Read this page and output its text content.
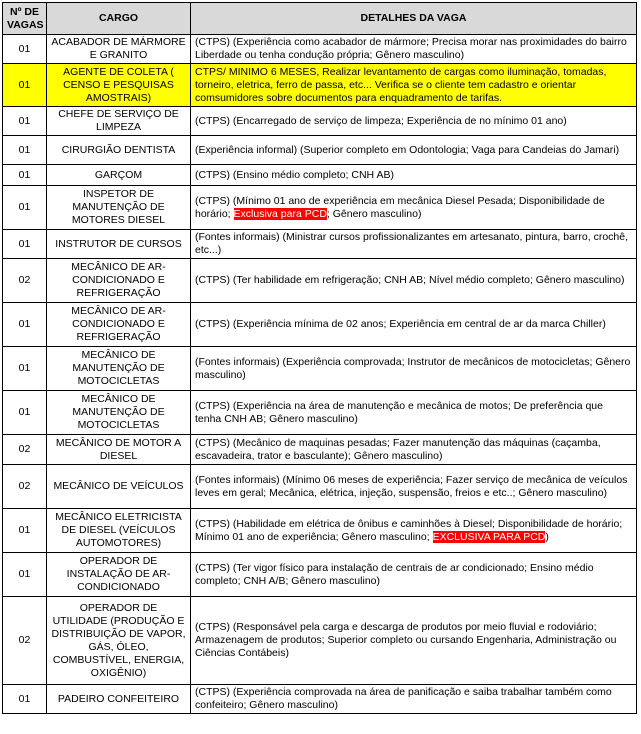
Nº DE VAGAS	CARGO	DETALHES DA VAGA
01	ACABADOR DE MÁRMORE E GRANITO	(CTPS) (Experiência como acabador de mármore; Precisa morar nas proximidades do bairro Liberdade ou tenha condução própria; Gênero masculino)
01	AGENTE DE COLETA ( CENSO E PESQUISAS AMOSTRAIS)	CTPS/ MINIMO 6 MESES, Realizar levantamento de cargas como iluminação, tomadas, torneiro, eletrica, ferro de passa, etc... Verifica se o cliente tem cadastro e orientar comsumidores sobre documentos para enquadramento de tarifas.
01	CHEFE DE SERVIÇO DE LIMPEZA	(CTPS) (Encarregado de serviço de limpeza; Experiência de no mínimo 01 ano)
01	CIRURGIÃO DENTISTA	(Experiência informal) (Superior completo em Odontologia; Vaga para Candeias do Jamari)
01	GARÇOM	(CTPS) (Ensino médio completo; CNH AB)
01	INSPETOR DE MANUTENÇÃO DE MOTORES DIESEL	(CTPS) (Mínimo 01 ano de experiência em mecânica Diesel Pesada; Disponibilidade de horário; Exclusiva para PCD; Gênero masculino)
01	INSTRUTOR DE CURSOS	(Fontes informais) (Ministrar cursos profissionalizantes em artesanato, pintura, barro, crochê, etc...)
02	MECÂNICO DE AR-CONDICIONADO E REFRIGERAÇÃO	(CTPS) (Ter habilidade em refrigeração; CNH AB; Nível médio completo; Gênero masculino)
01	MECÂNICO DE AR-CONDICIONADO E REFRIGERAÇÃO	(CTPS) (Experiência mínima de 02 anos; Experiência em central de ar da marca Chiller)
01	MECÂNICO DE MANUTENÇÃO DE MOTOCICLETAS	(Fontes informais) (Experiência comprovada; Instrutor de mecânicos de motocicletas; Gênero masculino)
01	MECÂNICO DE MANUTENÇÃO DE MOTOCICLETAS	(CTPS) (Experiência na área de manutenção e mecânica de motos; De preferência que tenha CNH AB; Gênero masculino)
02	MECÂNICO DE MOTOR A DIESEL	(CTPS) (Mecânico de maquinas pesadas; Fazer manutenção das máquinas (caçamba, escavadeira, trator e basculante); Gênero masculino)
02	MECÂNICO DE VEÍCULOS	(Fontes informais) (Mínimo 06 meses de experiência; Fazer serviço de mecânica de veículos leves em geral; Mecânica, elétrica, injeção, suspensão, freios e etc..; Gênero masculino)
01	MECÂNICO ELETRICISTA DE DIESEL (VEÍCULOS AUTOMOTORES)	(CTPS) (Habilidade em elétrica de ônibus e caminhões à Diesel; Disponibilidade de horário; Mínimo 01 ano de experiência; Gênero masculino; EXCLUSIVA PARA PCD)
01	OPERADOR DE INSTALAÇÃO DE AR-CONDICIONADO	(CTPS) (Ter vigor físico para instalação de centrais de ar condicionado; Ensino médio completo; CNH A/B; Gênero masculino)
02	OPERADOR DE UTILIDADE (PRODUÇÃO E DISTRIBUIÇÃO DE VAPOR, GÁS, ÓLEO, COMBUSTÍVEL, ENERGIA, OXIGÊNIO)	(CTPS) (Responsável pela carga e descarga de produtos por meio fluvial e rodoviário; Armazenagem de produtos; Superior completo ou cursando Engenharia, Administração ou Ciências Contábeis)
01	PADEIRO CONFEITEIRO	(CTPS) (Experiência comprovada na área de panificação e saiba trabalhar também como confeiteiro; Gênero masculino)
